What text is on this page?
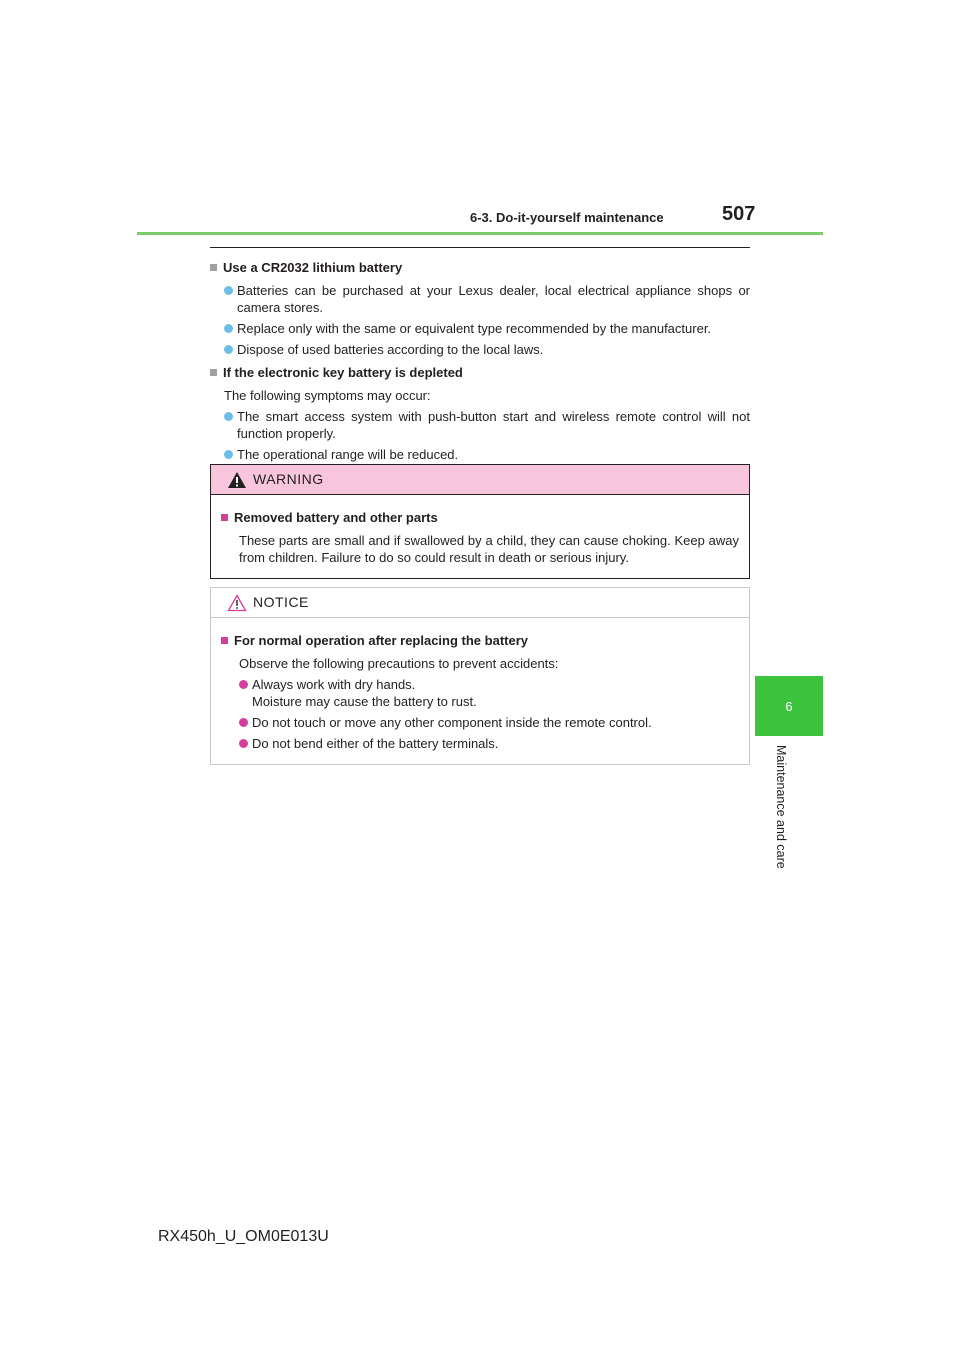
6-3. Do-it-yourself maintenance	507
6
Maintenance and care
Use a CR2032 lithium battery
Batteries can be purchased at your Lexus dealer, local electrical appliance shops or camera stores.
Replace only with the same or equivalent type recommended by the manufacturer.
Dispose of used batteries according to the local laws.
If the electronic key battery is depleted
The following symptoms may occur:
The smart access system with push-button start and wireless remote control will not function properly.
The operational range will be reduced.
WARNING
Removed battery and other parts
These parts are small and if swallowed by a child, they can cause choking. Keep away from children. Failure to do so could result in death or serious injury.
NOTICE
For normal operation after replacing the battery
Observe the following precautions to prevent accidents:
Always work with dry hands.
Moisture may cause the battery to rust.
Do not touch or move any other component inside the remote control.
Do not bend either of the battery terminals.
RX450h_U_OM0E013U
